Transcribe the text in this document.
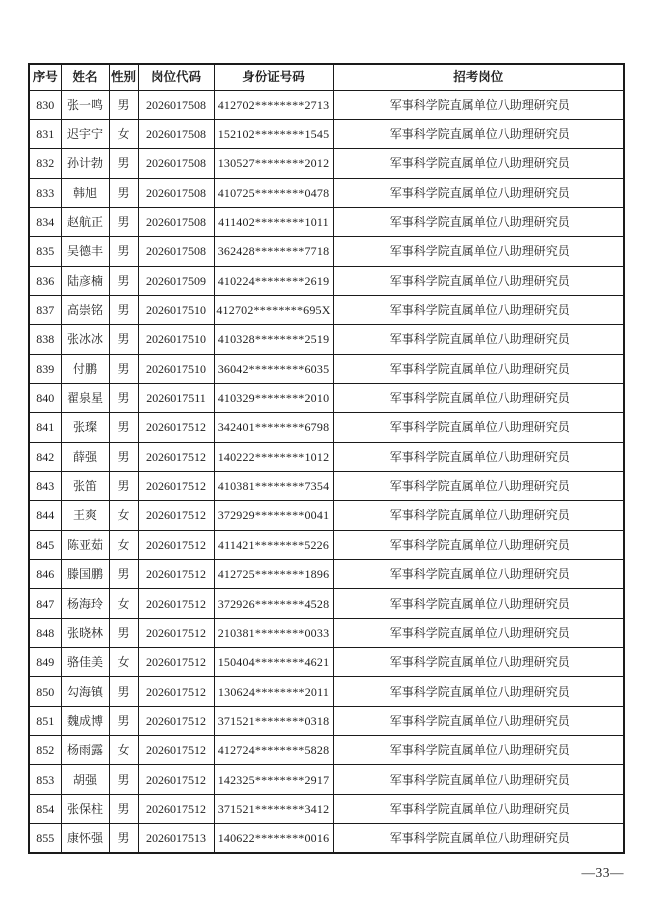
序号	姓名	性别	岗位代码	身份证号码	招考岗位
830	张一鸣	男	2026017508	412702********2713	军事科学院直属单位八助理研究员
831	迟宇宁	女	2026017508	152102********1545	军事科学院直属单位八助理研究员
832	孙计勃	男	2026017508	130527********2012	军事科学院直属单位八助理研究员
833	韩旭	男	2026017508	410725********0478	军事科学院直属单位八助理研究员
834	赵航正	男	2026017508	411402********1011	军事科学院直属单位八助理研究员
835	吴德丰	男	2026017508	362428********7718	军事科学院直属单位八助理研究员
836	陆彦楠	男	2026017509	410224********2619	军事科学院直属单位八助理研究员
837	高崇铭	男	2026017510	412702********695X	军事科学院直属单位八助理研究员
838	张冰冰	男	2026017510	410328********2519	军事科学院直属单位八助理研究员
839	付鹏	男	2026017510	36042*********6035	军事科学院直属单位八助理研究员
840	翟泉星	男	2026017511	410329********2010	军事科学院直属单位八助理研究员
841	张璨	男	2026017512	342401********6798	军事科学院直属单位八助理研究员
842	薛强	男	2026017512	140222********1012	军事科学院直属单位八助理研究员
843	张笛	男	2026017512	410381********7354	军事科学院直属单位八助理研究员
844	王爽	女	2026017512	372929********0041	军事科学院直属单位八助理研究员
845	陈亚茹	女	2026017512	411421********5226	军事科学院直属单位八助理研究员
846	滕国鹏	男	2026017512	412725********1896	军事科学院直属单位八助理研究员
847	杨海玲	女	2026017512	372926********4528	军事科学院直属单位八助理研究员
848	张晓林	男	2026017512	210381********0033	军事科学院直属单位八助理研究员
849	骆佳美	女	2026017512	150404********4621	军事科学院直属单位八助理研究员
850	勾海镇	男	2026017512	130624********2011	军事科学院直属单位八助理研究员
851	魏成博	男	2026017512	371521********0318	军事科学院直属单位八助理研究员
852	杨雨露	女	2026017512	412724********5828	军事科学院直属单位八助理研究员
853	胡强	男	2026017512	142325********2917	军事科学院直属单位八助理研究员
854	张保柱	男	2026017512	371521********3412	军事科学院直属单位八助理研究员
855	康怀强	男	2026017513	140622********0016	军事科学院直属单位八助理研究员
—33—
